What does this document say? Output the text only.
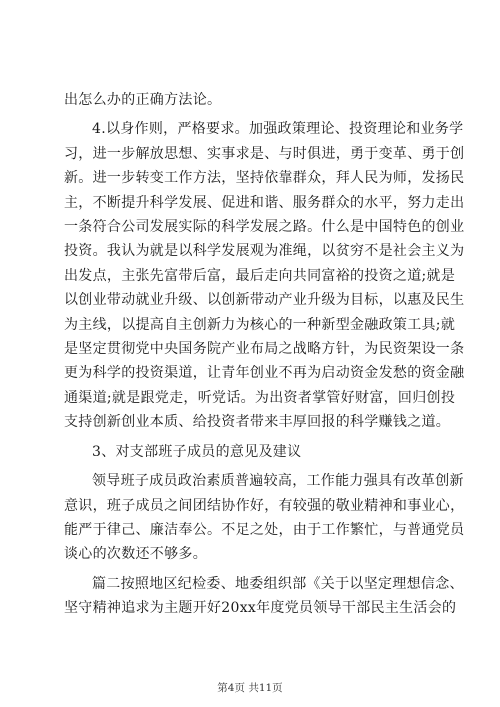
出怎么办的正确方法论。

4.以身作则，严格要求。加强政策理论、投资理论和业务学
习，进一步解放思想、实事求是、与时俱进，勇于变革、勇于创
新。进一步转变工作方法，坚持依靠群众，拜人民为师，发扬民
主，不断提升科学发展、促进和谐、服务群众的水平，努力走出
一条符合公司发展实际的科学发展之路。什么是中国特色的创业
投资。我认为就是以科学发展观为准绳，以贫穷不是社会主义为
出发点，主张先富带后富，最后走向共同富裕的投资之道;就是
以创业带动就业升级、以创新带动产业升级为目标，以惠及民生
为主线，以提高自主创新力为核心的一种新型金融政策工具;就
是坚定贯彻党中央国务院产业布局之战略方针，为民资架设一条
更为科学的投资渠道，让青年创业不再为启动资金发愁的资金融
通渠道;就是跟党走，听党话。为出资者掌管好财富，回归创投
支持创新创业本质、给投资者带来丰厚回报的科学赚钱之道。

3、对支部班子成员的意见及建议

领导班子成员政治素质普遍较高，工作能力强具有改革创新
意识，班子成员之间团结协作好，有较强的敬业精神和事业心，
能严于律己、廉洁奉公。不足之处，由于工作繁忙，与普通党员
谈心的次数还不够多。

篇二按照地区纪检委、地委组织部《关于以坚定理想信念、
坚守精神追求为主题开好20xx年度党员领导干部民主生活会的

第4页 共11页
